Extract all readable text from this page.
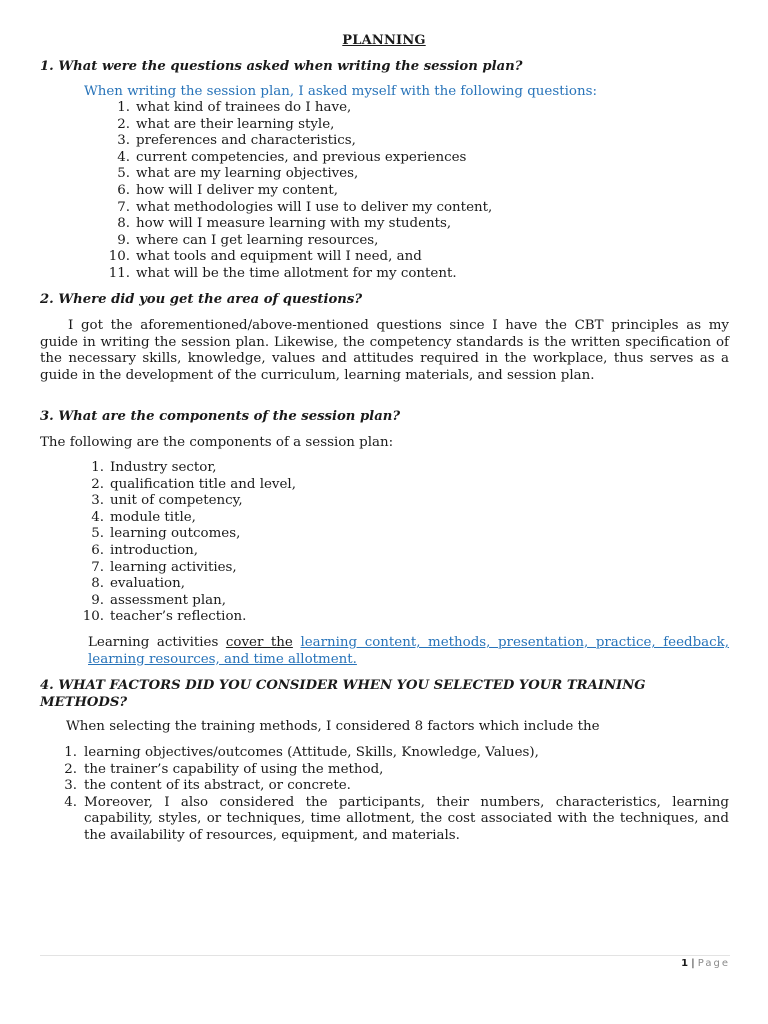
PLANNING

1. What were the questions asked when writing the session plan?

When writing the session plan, I asked myself with the following questions:
1. what kind of trainees do I have,
2. what are their learning style,
3. preferences and characteristics,
4. current competencies, and previous experiences
5. what are my learning objectives,
6. how will I deliver my content,
7. what methodologies will I use to deliver my content,
8. how will I measure learning with my students,
9. where can I get learning resources,
10. what tools and equipment will I need, and
11. what will be the time allotment for my content.

2. Where did you get the area of questions?

I got the aforementioned/above-mentioned questions since I have the CBT principles as my guide in writing the session plan. Likewise, the competency standards is the written specification of the necessary skills, knowledge, values and attitudes required in the workplace, thus serves as a guide in the development of the curriculum, learning materials, and session plan.

3. What are the components of the session plan?

The following are the components of a session plan:
1. Industry sector,
2. qualification title and level,
3. unit of competency,
4. module title,
5. learning outcomes,
6. introduction,
7. learning activities,
8. evaluation,
9. assessment plan,
10. teacher’s reflection.

Learning activities cover the learning content, methods, presentation, practice, feedback, learning resources, and time allotment.

4. WHAT FACTORS DID YOU CONSIDER WHEN YOU SELECTED YOUR TRAINING METHODS?

When selecting the training methods, I considered 8 factors which include the
1. learning objectives/outcomes (Attitude, Skills, Knowledge, Values),
2. the trainer’s capability of using the method,
3. the content of its abstract, or concrete.
4. Moreover, I also considered the participants, their numbers, characteristics, learning capability, styles, or techniques, time allotment, the cost associated with the techniques, and the availability of resources, equipment, and materials.
1 | Page
